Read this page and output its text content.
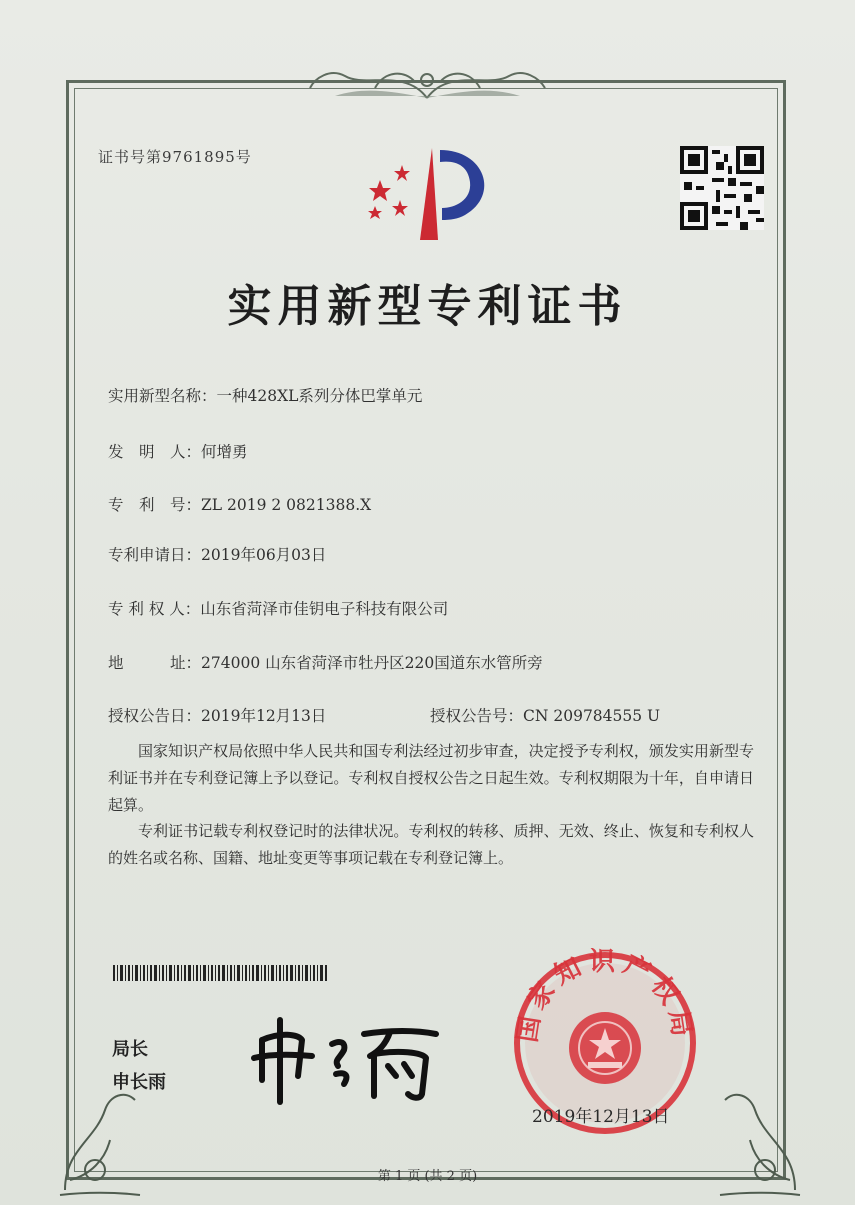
证书号第9761895号
实用新型专利证书
实用新型名称：一种428XL系列分体巴掌单元
发　明　人：何增勇
专　利　号：ZL 2019 2 0821388.X
专利申请日：2019年06月03日
专 利 权 人：山东省菏泽市佳钥电子科技有限公司
地　　　址：274000 山东省菏泽市牡丹区220国道东水管所旁
授权公告日：2019年12月13日	授权公告号：CN 209784555 U
国家知识产权局依照中华人民共和国专利法经过初步审查，决定授予专利权，颁发实用新型专利证书并在专利登记簿上予以登记。专利权自授权公告之日起生效。专利权期限为十年，自申请日起算。
专利证书记载专利权登记时的法律状况。专利权的转移、质押、无效、终止、恢复和专利权人的姓名或名称、国籍、地址变更等事项记载在专利登记簿上。
局长
申长雨
国家知识产权局
2019年12月13日
第 1 页 (共 2 页)
